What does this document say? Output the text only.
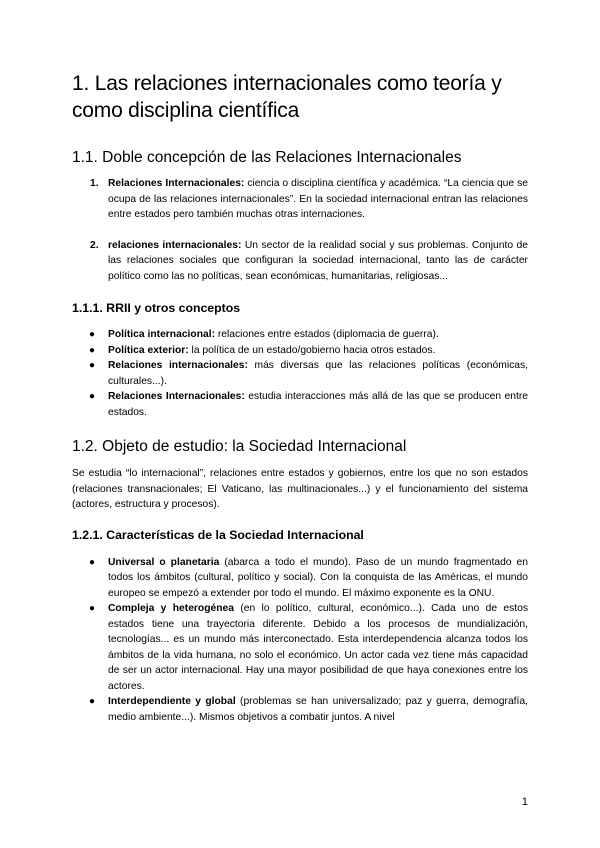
1. Las relaciones internacionales como teoría y como disciplina científica
1.1. Doble concepción de las Relaciones Internacionales
1. Relaciones Internacionales: ciencia o disciplina científica y académica. “La ciencia que se ocupa de las relaciones internacionales”. En la sociedad internacional entran las relaciones entre estados pero también muchas otras internaciones.
2. relaciones internacionales: Un sector de la realidad social y sus problemas. Conjunto de las relaciones sociales que configuran la sociedad internacional, tanto las de carácter político como las no políticas, sean económicas, humanitarias, religiosas...
1.1.1. RRII y otros conceptos
● Política internacional: relaciones entre estados (diplomacia de guerra).
● Política exterior: la política de un estado/gobierno hacia otros estados.
● Relaciones internacionales: más diversas que las relaciones políticas (económicas, culturales...).
● Relaciones Internacionales: estudia interacciones más allá de las que se producen entre estados.
1.2. Objeto de estudio: la Sociedad Internacional

Se estudia “lo internacional”, relaciones entre estados y gobiernos, entre los que no son estados (relaciones transnacionales; El Vaticano, las multinacionales...) y el funcionamiento del sistema (actores, estructura y procesos).

1.2.1. Características de la Sociedad Internacional
● Universal o planetaria (abarca a todo el mundo). Paso de un mundo fragmentado en todos los ámbitos (cultural, político y social). Con la conquista de las Américas, el mundo europeo se empezó a extender por todo el mundo. El máximo exponente es la ONU.
● Compleja y heterogénea (en lo político, cultural, económico...). Cada uno de estos estados tiene una trayectoria diferente. Debido a los procesos de mundialización, tecnologías... es un mundo más interconectado. Esta interdependencia alcanza todos los ámbitos de la vida humana, no solo el económico. Un actor cada vez tiene más capacidad de ser un actor internacional. Hay una mayor posibilidad de que haya conexiones entre los actores.
● Interdependiente y global (problemas se han universalizado; paz y guerra, demografía, medio ambiente...). Mismos objetivos a combatir juntos. A nivel
1
